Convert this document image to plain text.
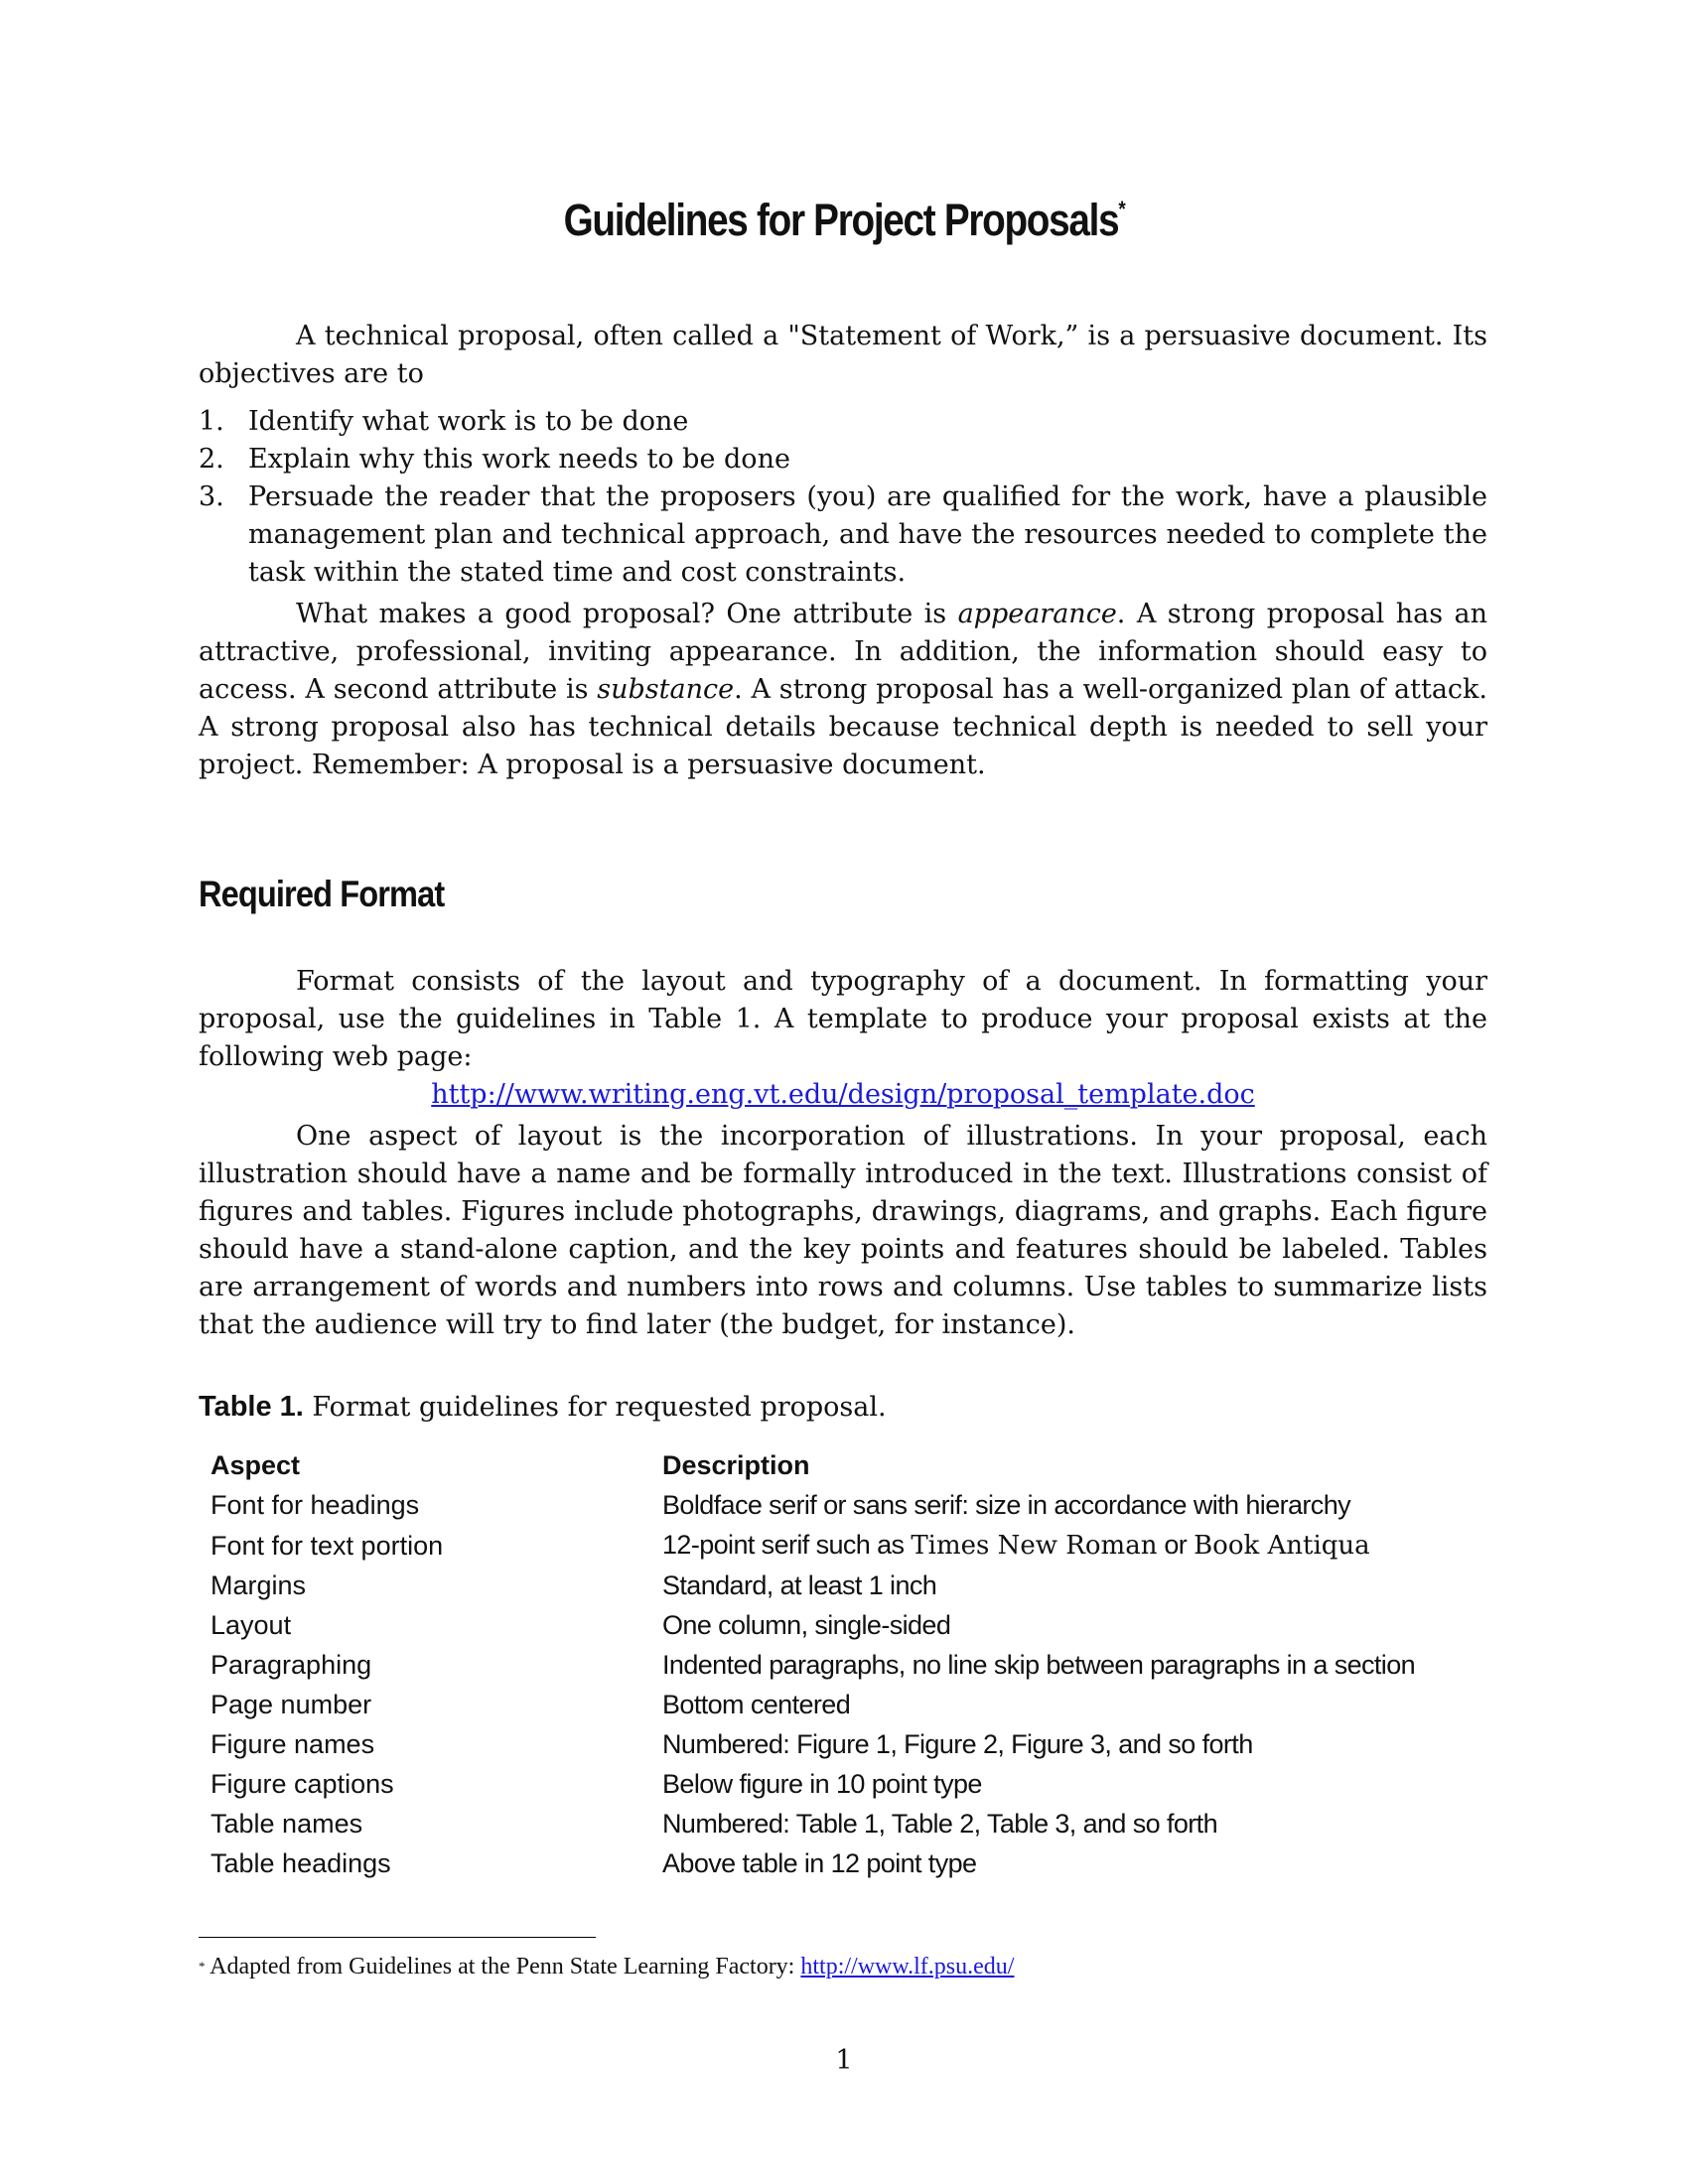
Guidelines for Project Proposals*

A technical proposal, often called a "Statement of Work,” is a persuasive document. Its objectives are to

1. Identify what work is to be done
2. Explain why this work needs to be done
3. Persuade the reader that the proposers (you) are qualified for the work, have a plausible management plan and technical approach, and have the resources needed to complete the task within the stated time and cost constraints.

What makes a good proposal? One attribute is appearance. A strong proposal has an attractive, professional, inviting appearance. In addition, the information should easy to access. A second attribute is substance. A strong proposal has a well-organized plan of attack. A strong proposal also has technical details because technical depth is needed to sell your project. Remember: A proposal is a persuasive document.

Required Format

Format consists of the layout and typography of a document. In formatting your proposal, use the guidelines in Table 1. A template to produce your proposal exists at the following web page:

http://www.writing.eng.vt.edu/design/proposal_template.doc

One aspect of layout is the incorporation of illustrations. In your proposal, each illustration should have a name and be formally introduced in the text. Illustrations consist of figures and tables. Figures include photographs, drawings, diagrams, and graphs. Each figure should have a stand-alone caption, and the key points and features should be labeled. Tables are arrangement of words and numbers into rows and columns. Use tables to summarize lists that the audience will try to find later (the budget, for instance).

Table 1. Format guidelines for requested proposal.
Aspect	Description
Font for headings	Boldface serif or sans serif: size in accordance with hierarchy
Font for text portion	12-point serif such as Times New Roman or Book Antiqua
Margins	Standard, at least 1 inch
Layout	One column, single-sided
Paragraphing	Indented paragraphs, no line skip between paragraphs in a section
Page number	Bottom centered
Figure names	Numbered: Figure 1, Figure 2, Figure 3, and so forth
Figure captions	Below figure in 10 point type
Table names	Numbered: Table 1, Table 2, Table 3, and so forth
Table headings	Above table in 12 point type
* Adapted from Guidelines at the Penn State Learning Factory: http://www.lf.psu.edu/
1
